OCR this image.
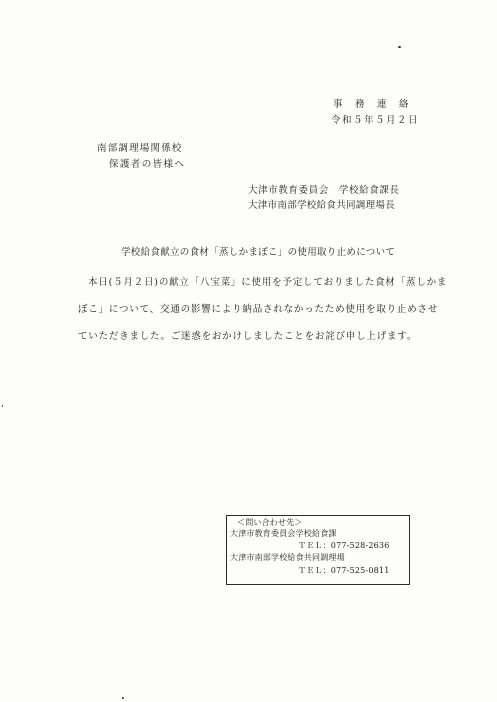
事務連絡
令和５年５月２日
南部調理場関係校
保護者の皆様へ
大津市教育委員会　学校給食課長
大津市南部学校給食共同調理場長
学校給食献立の食材「蒸しかまぼこ」の使用取り止めについて
本日(５月２日)の献立「八宝菜」に使用を予定しておりました食材「蒸しかま
ぼこ」について、交通の影響により納品されなかったため使用を取り止めさせ
ていただきました。ご迷惑をおかけしましたことをお詫び申し上げます。
＜問い合わせ先＞
大津市教育委員会学校給食課
ＴＥＬ：077-528-2636
大津市南部学校給食共同調理場
ＴＥＬ：077-525-0811
